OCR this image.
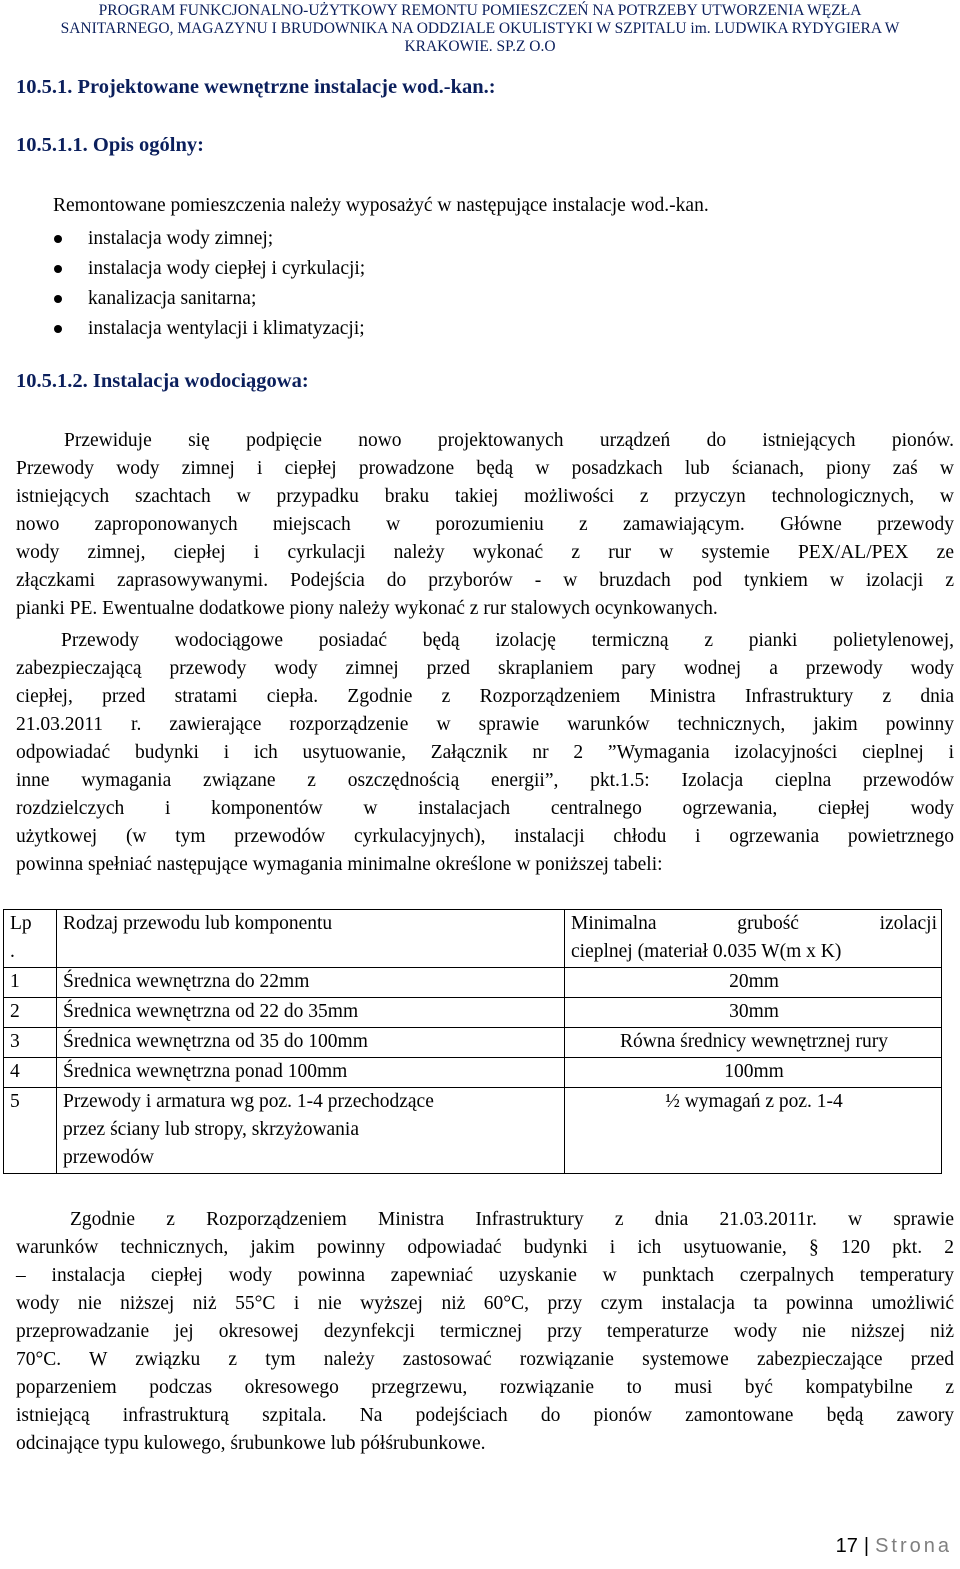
PROGRAM FUNKCJONALNO-UŻYTKOWY REMONTU POMIESZCZEŃ NA POTRZEBY UTWORZENIA WĘZŁA
SANITARNEGO, MAGAZYNU I BRUDOWNIKA NA ODDZIALE OKULISTYKI W SZPITALU im. LUDWIKA RYDYGIERA W
KRAKOWIE. SP.Z O.O
10.5.1. Projektowane wewnętrzne instalacje wod.-kan.:
10.5.1.1. Opis ogólny:

Remontowane pomieszczenia należy wyposażyć w następujące instalacje wod.-kan.

instalacja wody zimnej;
instalacja wody ciepłej i cyrkulacji;
kanalizacja sanitarna;
instalacja wentylacji i klimatyzacji;
10.5.1.2. Instalacja wodociągowa:

Przewiduje się podpięcie nowo projektowanych urządzeń do istniejących pionów.
Przewody wody zimnej i ciepłej prowadzone będą w posadzkach lub ścianach, piony zaś w
istniejących szachtach w przypadku braku takiej możliwości z przyczyn technologicznych, w
nowo zaproponowanych miejscach w porozumieniu z zamawiającym. Główne przewody
wody zimnej, ciepłej i cyrkulacji należy wykonać z rur w systemie PEX/AL/PEX ze
złączkami zaprasowywanymi. Podejścia do przyborów - w bruzdach pod tynkiem w izolacji z
pianki PE. Ewentualne dodatkowe piony należy wykonać z rur stalowych ocynkowanych.

Przewody wodociągowe posiadać będą izolację termiczną z pianki polietylenowej,
zabezpieczającą przewody wody zimnej przed skraplaniem pary wodnej a przewody wody
ciepłej, przed stratami ciepła. Zgodnie z Rozporządzeniem Ministra Infrastruktury z dnia
21.03.2011 r. zawierające rozporządzenie w sprawie warunków technicznych, jakim powinny
odpowiadać budynki i ich usytuowanie, Załącznik nr 2 ”Wymagania izolacyjności cieplnej i
inne wymagania związane z oszczędnością energii”, pkt.1.5: Izolacja cieplna przewodów
rozdzielczych i komponentów w instalacjach centralnego ogrzewania, ciepłej wody
użytkowej (w tym przewodów cyrkulacyjnych), instalacji chłodu i ogrzewania powietrznego
powinna spełniać następujące wymagania minimalne określone w poniższej tabeli:

Lp
.	Rodzaj przewodu lub komponentu	Minimalna grubość izolacji
cieplnej (materiał 0.035 W(m x K)

1	Średnica wewnętrzna do 22mm	20mm
2	Średnica wewnętrzna od 22 do 35mm	30mm
3	Średnica wewnętrzna od 35 do 100mm	Równa średnicy wewnętrznej rury
4	Średnica wewnętrzna ponad 100mm	100mm
5	Przewody i armatura wg poz. 1-4 przechodzące
przez ściany lub stropy, skrzyżowania
przewodów	½ wymagań z poz. 1-4

Zgodnie z Rozporządzeniem Ministra Infrastruktury z dnia 21.03.2011r. w sprawie
warunków technicznych, jakim powinny odpowiadać budynki i ich usytuowanie, § 120 pkt. 2
– instalacja ciepłej wody powinna zapewniać uzyskanie w punktach czerpalnych temperatury
wody nie niższej niż 55°C i nie wyższej niż 60°C, przy czym instalacja ta powinna umożliwić
przeprowadzanie jej okresowej dezynfekcji termicznej przy temperaturze wody nie niższej niż
70°C. W związku z tym należy zastosować rozwiązanie systemowe zabezpieczające przed
poparzeniem podczas okresowego przegrzewu, rozwiązanie to musi być kompatybilne z
istniejącą infrastrukturą szpitala. Na podejściach do pionów zamontowane będą zawory
odcinające typu kulowego, śrubunkowe lub półśrubunkowe.

17 | Strona
